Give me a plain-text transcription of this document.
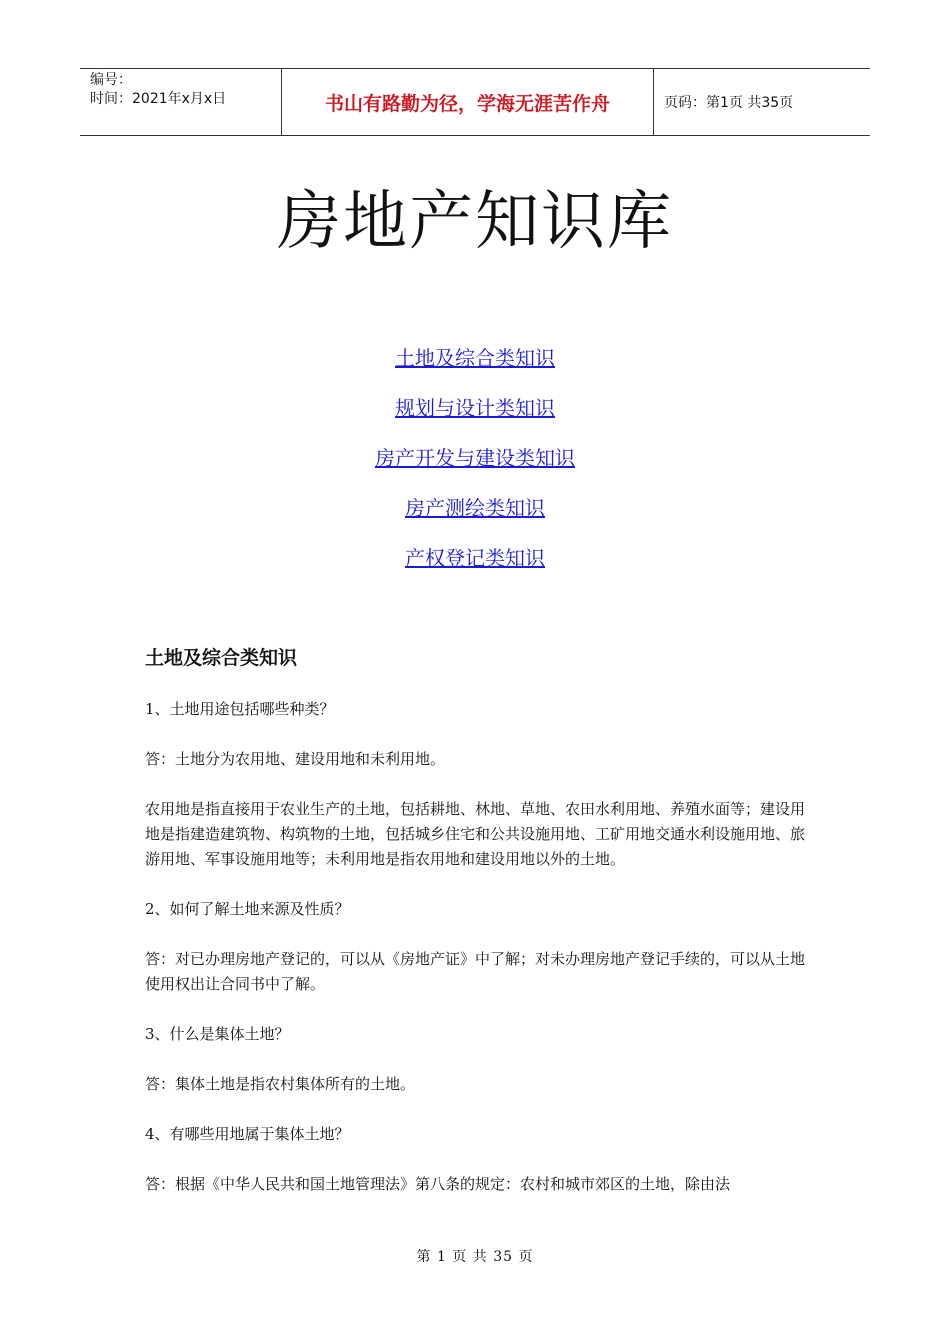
编号：
时间：2021年x月x日	书山有路勤为径，学海无涯苦作舟	页码：第1页 共35页
房地产知识库
土地及综合类知识
规划与设计类知识
房产开发与建设类知识
房产测绘类知识
产权登记类知识
土地及综合类知识

1、土地用途包括哪些种类？

答：土地分为农用地、建设用地和未利用地。

农用地是指直接用于农业生产的土地，包括耕地、林地、草地、农田水利用地、养殖水面等；建设用地是指建造建筑物、构筑物的土地，包括城乡住宅和公共设施用地、工矿用地交通水利设施用地、旅游用地、军事设施用地等；未利用地是指农用地和建设用地以外的土地。

2、如何了解土地来源及性质？

答：对已办理房地产登记的，可以从《房地产证》中了解；对未办理房地产登记手续的，可以从土地使用权出让合同书中了解。

3、什么是集体土地？

答：集体土地是指农村集体所有的土地。

4、有哪些用地属于集体土地？

答：根据《中华人民共和国土地管理法》第八条的规定：农村和城市郊区的土地，除由法

第 1 页 共 35 页
